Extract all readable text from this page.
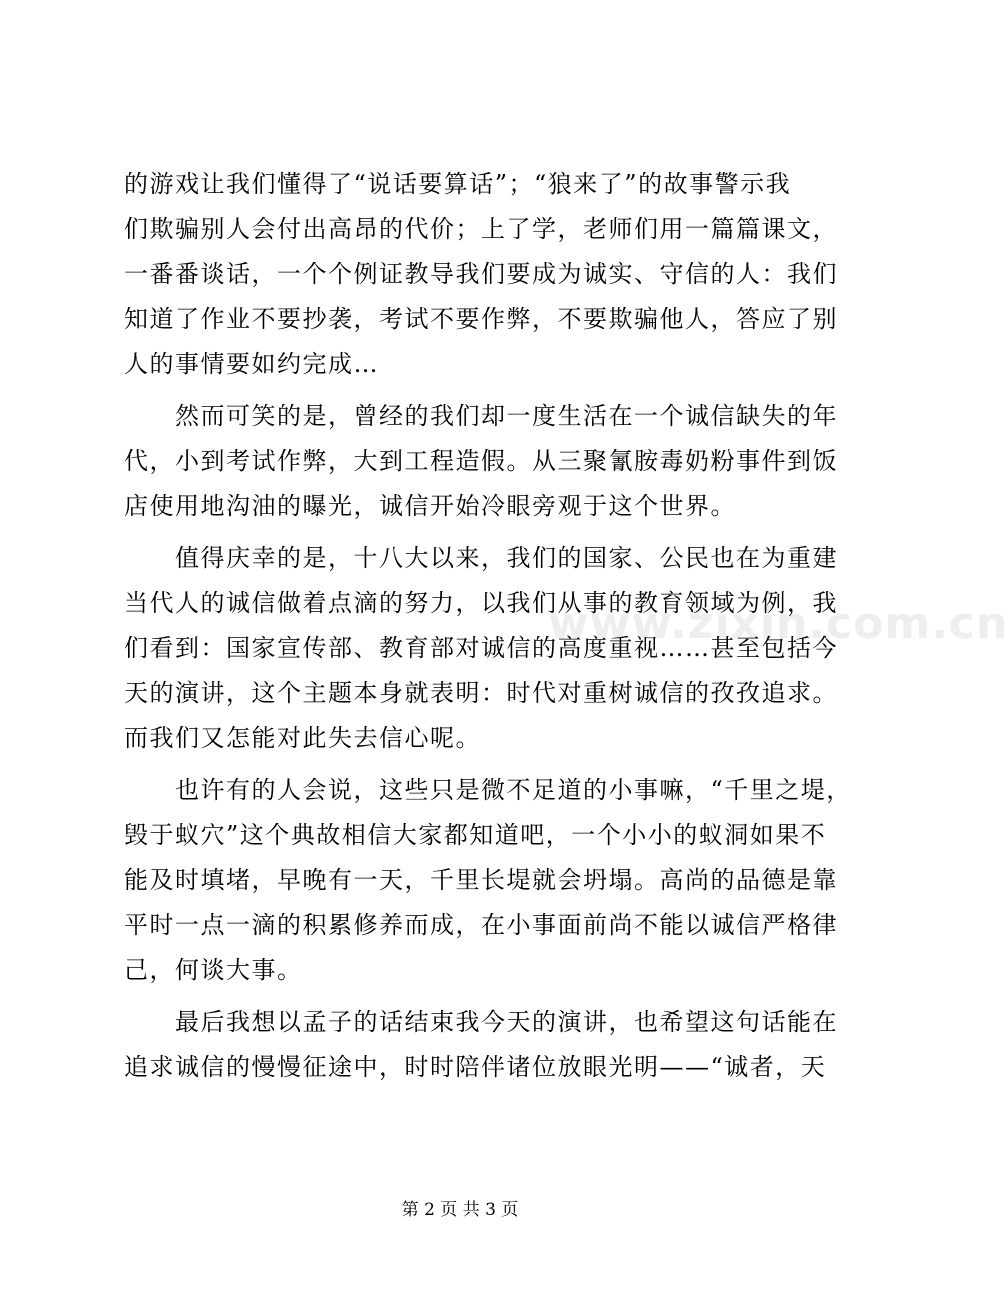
www.zixin.com.cn
的游戏让我们懂得了“说话要算话”；“狼来了”的故事警示我
们欺骗别人会付出高昂的代价；上了学，老师们用一篇篇课文，
一番番谈话，一个个例证教导我们要成为诚实、守信的人：我们
知道了作业不要抄袭，考试不要作弊，不要欺骗他人，答应了别
人的事情要如约完成…
　　然而可笑的是，曾经的我们却一度生活在一个诚信缺失的年
代，小到考试作弊，大到工程造假。从三聚氰胺毒奶粉事件到饭
店使用地沟油的曝光，诚信开始冷眼旁观于这个世界。
　　值得庆幸的是，十八大以来，我们的国家、公民也在为重建
当代人的诚信做着点滴的努力，以我们从事的教育领域为例，我
们看到：国家宣传部、教育部对诚信的高度重视……甚至包括今
天的演讲，这个主题本身就表明：时代对重树诚信的孜孜追求。
而我们又怎能对此失去信心呢。
　　也许有的人会说，这些只是微不足道的小事嘛，“千里之堤，
毁于蚁穴”这个典故相信大家都知道吧，一个小小的蚁洞如果不
能及时填堵，早晚有一天，千里长堤就会坍塌。高尚的品德是靠
平时一点一滴的积累修养而成，在小事面前尚不能以诚信严格律
己，何谈大事。
　　最后我想以孟子的话结束我今天的演讲，也希望这句话能在
追求诚信的慢慢征途中，时时陪伴诸位放眼光明——“诚者，天
第 2 页 共 3 页
